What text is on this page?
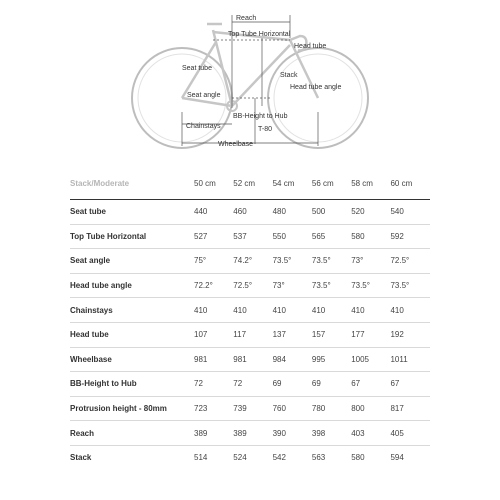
Reach
Top Tube Horizontal
Head tube
Seat tube
Stack
Head tube angle
Seat angle
BB-Height to Hub
Chainstays	T-80
Wheelbase
Stack/Moderate	50 cm	52 cm	54 cm	56 cm	58 cm	60 cm
Seat tube	440	460	480	500	520	540
Top Tube Horizontal	527	537	550	565	580	592
Seat angle	75°	74.2°	73.5°	73.5°	73°	72.5°
Head tube angle	72.2°	72.5°	73°	73.5°	73.5°	73.5°
Chainstays	410	410	410	410	410	410
Head tube	107	117	137	157	177	192
Wheelbase	981	981	984	995	1005	1011
BB-Height to Hub	72	72	69	69	67	67
Protrusion height - 80mm	723	739	760	780	800	817
Reach	389	389	390	398	403	405
Stack	514	524	542	563	580	594
